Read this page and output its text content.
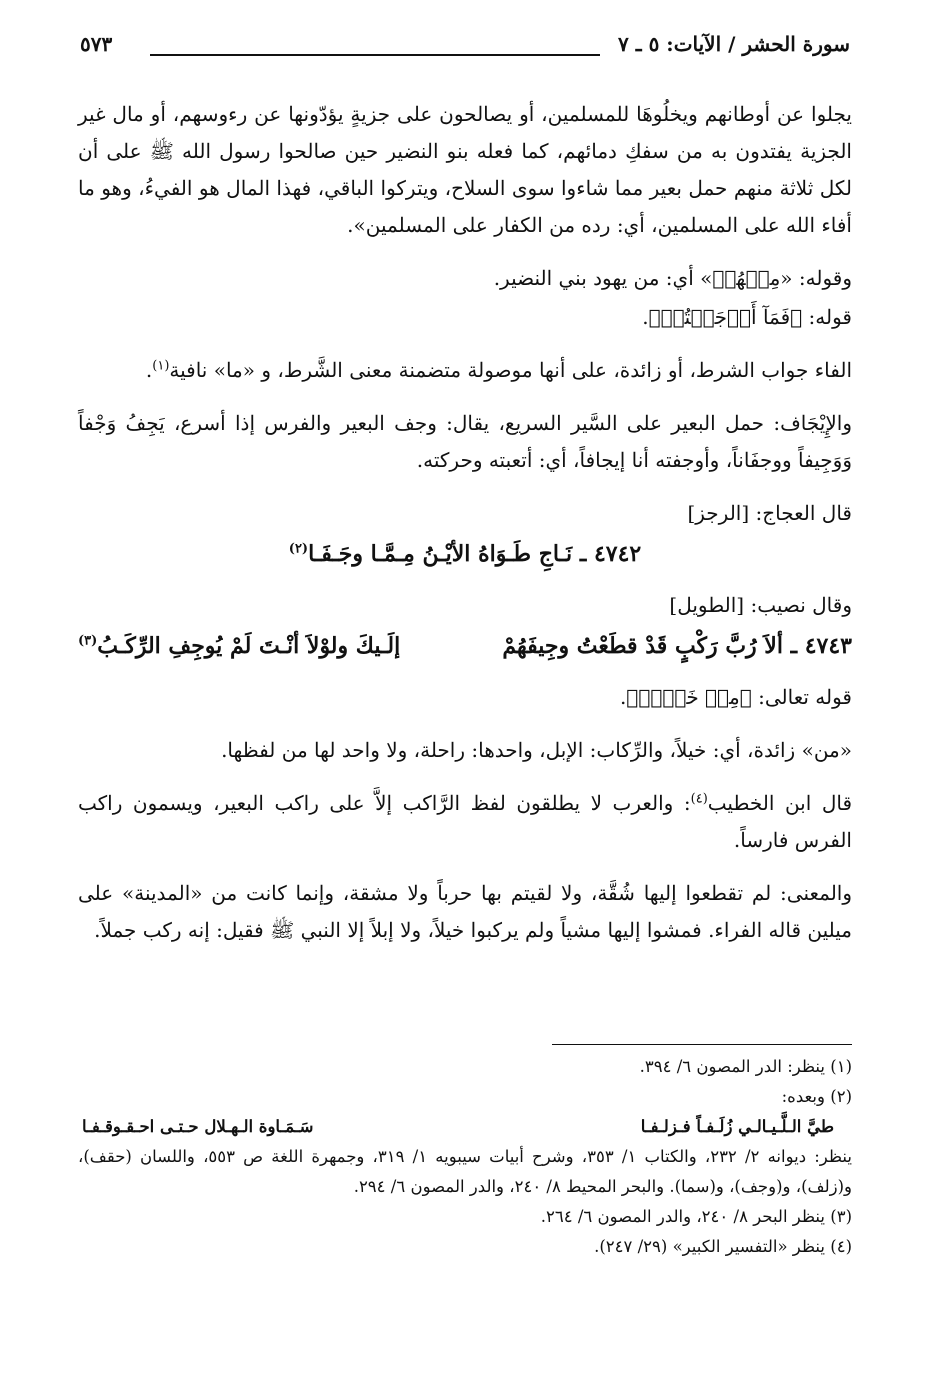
سورة الحشر / الآيات: ٥ ـ ٧
٥٧٣

يجلوا عن أوطانهم ويخلُوهَا للمسلمين، أو يصالحون على جزيةٍ يؤدّونها عن رءوسهم، أو مال غير الجزية يفتدون به من سفكِ دمائهم، كما فعله بنو النضير حين صالحوا رسول الله ﷺ على أن لكل ثلاثة منهم حمل بعير مما شاءوا سوى السلاح، ويتركوا الباقي، فهذا المال هو الفيءُ، وهو ما أفاء الله على المسلمين، أي: رده من الكفار على المسلمين».

وقوله: «مِنۡهُمۡ» أي: من يهود بني النضير.

قوله: ﴿فَمَآ أَوۡجَفۡتُمۡ﴾.

الفاء جواب الشرط، أو زائدة، على أنها موصولة متضمنة معنى الشَّرط، و «ما» نافية$^{(١)}$.

والإِيْجَاف: حمل البعير على السَّير السريع، يقال: وجف البعير والفرس إذا أسرع، يَجِفُ وَجْفاً وَوَجِيفاً ووجفَاناً، وأوجفته أنا إيجافاً، أي: أتعبته وحركته.

قال العجاج: [الرجز]

٤٧٤٢ ـ نَـاجِ طَـوَاهُ الأيْـنُ مِـمَّـا وجَـفَـا$^{(٢)}$

وقال نصيب: [الطويل]

٤٧٤٣ ـ ألاَ رُبَّ رَكْبٍ قَدْ قطَعْتُ وجِيفَهُمْ
إلَـيكَ ولوْلاَ أنْـتَ لَمْ يُوجِفِ الرِّكَـبُ$^{(٣)}$

قوله تعالى: ﴿مِنۡ خَيۡلٖ﴾.

«من» زائدة، أي: خيلاً، والرِّكاب: الإبل، واحدها: راحلة، ولا واحد لها من لفظها.

قال ابن الخطيب$^{(٤)}$: والعرب لا يطلقون لفظ الرَّاكب إلاَّ على راكب البعير، ويسمون راكب الفرس فارساً.

والمعنى: لم تقطعوا إليها شُقَّة، ولا لقيتم بها حرباً ولا مشقة، وإنما كانت من «المدينة» على ميلين قاله الفراء. فمشوا إليها مشياً ولم يركبوا خيلاً، ولا إبلاً إلا النبي ﷺ فقيل: إنه ركب جملاً.

(١) ينظر: الدر المصون ٦/ ٣٩٤.

(٢) وبعده:

طيَّ الـلَّـيـالـي زُلَـفـاً فـزلـفـا
سَـمَـاوة الـهـلال حـتـى احـقـوقـفـا

ينظر: ديوانه ٢/ ٢٣٢، والكتاب ١/ ٣٥٣، وشرح أبيات سيبويه ١/ ٣١٩، وجمهرة اللغة ص ٥٥٣، واللسان (حقف)، و(زلف)، و(وجف)، و(سما). والبحر المحيط ٨/ ٢٤٠، والدر المصون ٦/ ٢٩٤.

(٣) ينظر البحر ٨/ ٢٤٠، والدر المصون ٦/ ٢٦٤.

(٤) ينظر «التفسير الكبير» (٢٩/ ٢٤٧).
